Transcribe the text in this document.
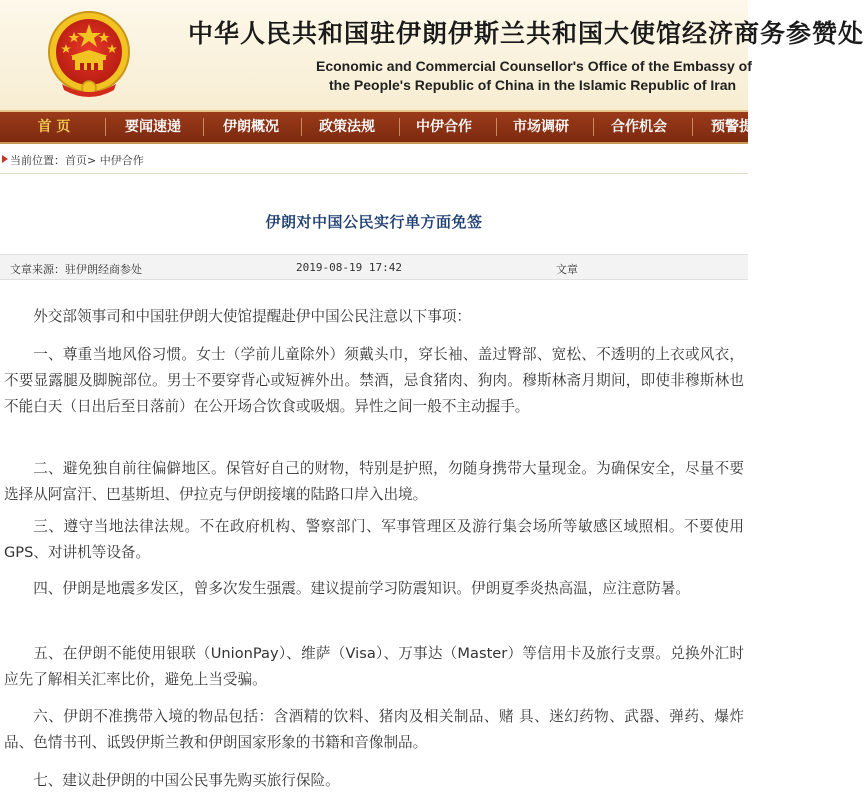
中华人民共和国驻伊朗伊斯兰共和国大使馆经济商务参赞处
Economic and Commercial Counsellor's Office of the Embassy of
the People's Republic of China in the Islamic Republic of Iran
首 页	要闻速递	伊朗概况	政策法规	中伊合作	市场调研	合作机会	预警提示
当前位置：首页> 中伊合作
伊朗对中国公民实行单方面免签
文章来源：驻伊朗经商参处	2019-08-19 17:42	文章

外交部领事司和中国驻伊朗大使馆提醒赴伊中国公民注意以下事项：

一、尊重当地风俗习惯。女士（学前儿童除外）须戴头巾，穿长袖、盖过臀部、宽松、不透明的上衣或风衣，不要显露腿及脚腕部位。男士不要穿背心或短裤外出。禁酒，忌食猪肉、狗肉。穆斯林斋月期间，即使非穆斯林也不能白天（日出后至日落前）在公开场合饮食或吸烟。异性之间一般不主动握手。

二、避免独自前往偏僻地区。保管好自己的财物，特别是护照，勿随身携带大量现金。为确保安全，尽量不要选择从阿富汗、巴基斯坦、伊拉克与伊朗接壤的陆路口岸入出境。

三、遵守当地法律法规。不在政府机构、警察部门、军事管理区及游行集会场所等敏感区域照相。不要使用GPS、对讲机等设备。

四、伊朗是地震多发区，曾多次发生强震。建议提前学习防震知识。伊朗夏季炎热高温，应注意防暑。

五、在伊朗不能使用银联（UnionPay）、维萨（Visa）、万事达（Master）等信用卡及旅行支票。兑换外汇时应先了解相关汇率比价，避免上当受骗。

六、伊朗不准携带入境的物品包括：含酒精的饮料、猪肉及相关制品、赌 具、迷幻药物、武器、弹药、爆炸品、色情书刊、诋毁伊斯兰教和伊朗国家形象的书籍和音像制品。

七、建议赴伊朗的中国公民事先购买旅行保险。
